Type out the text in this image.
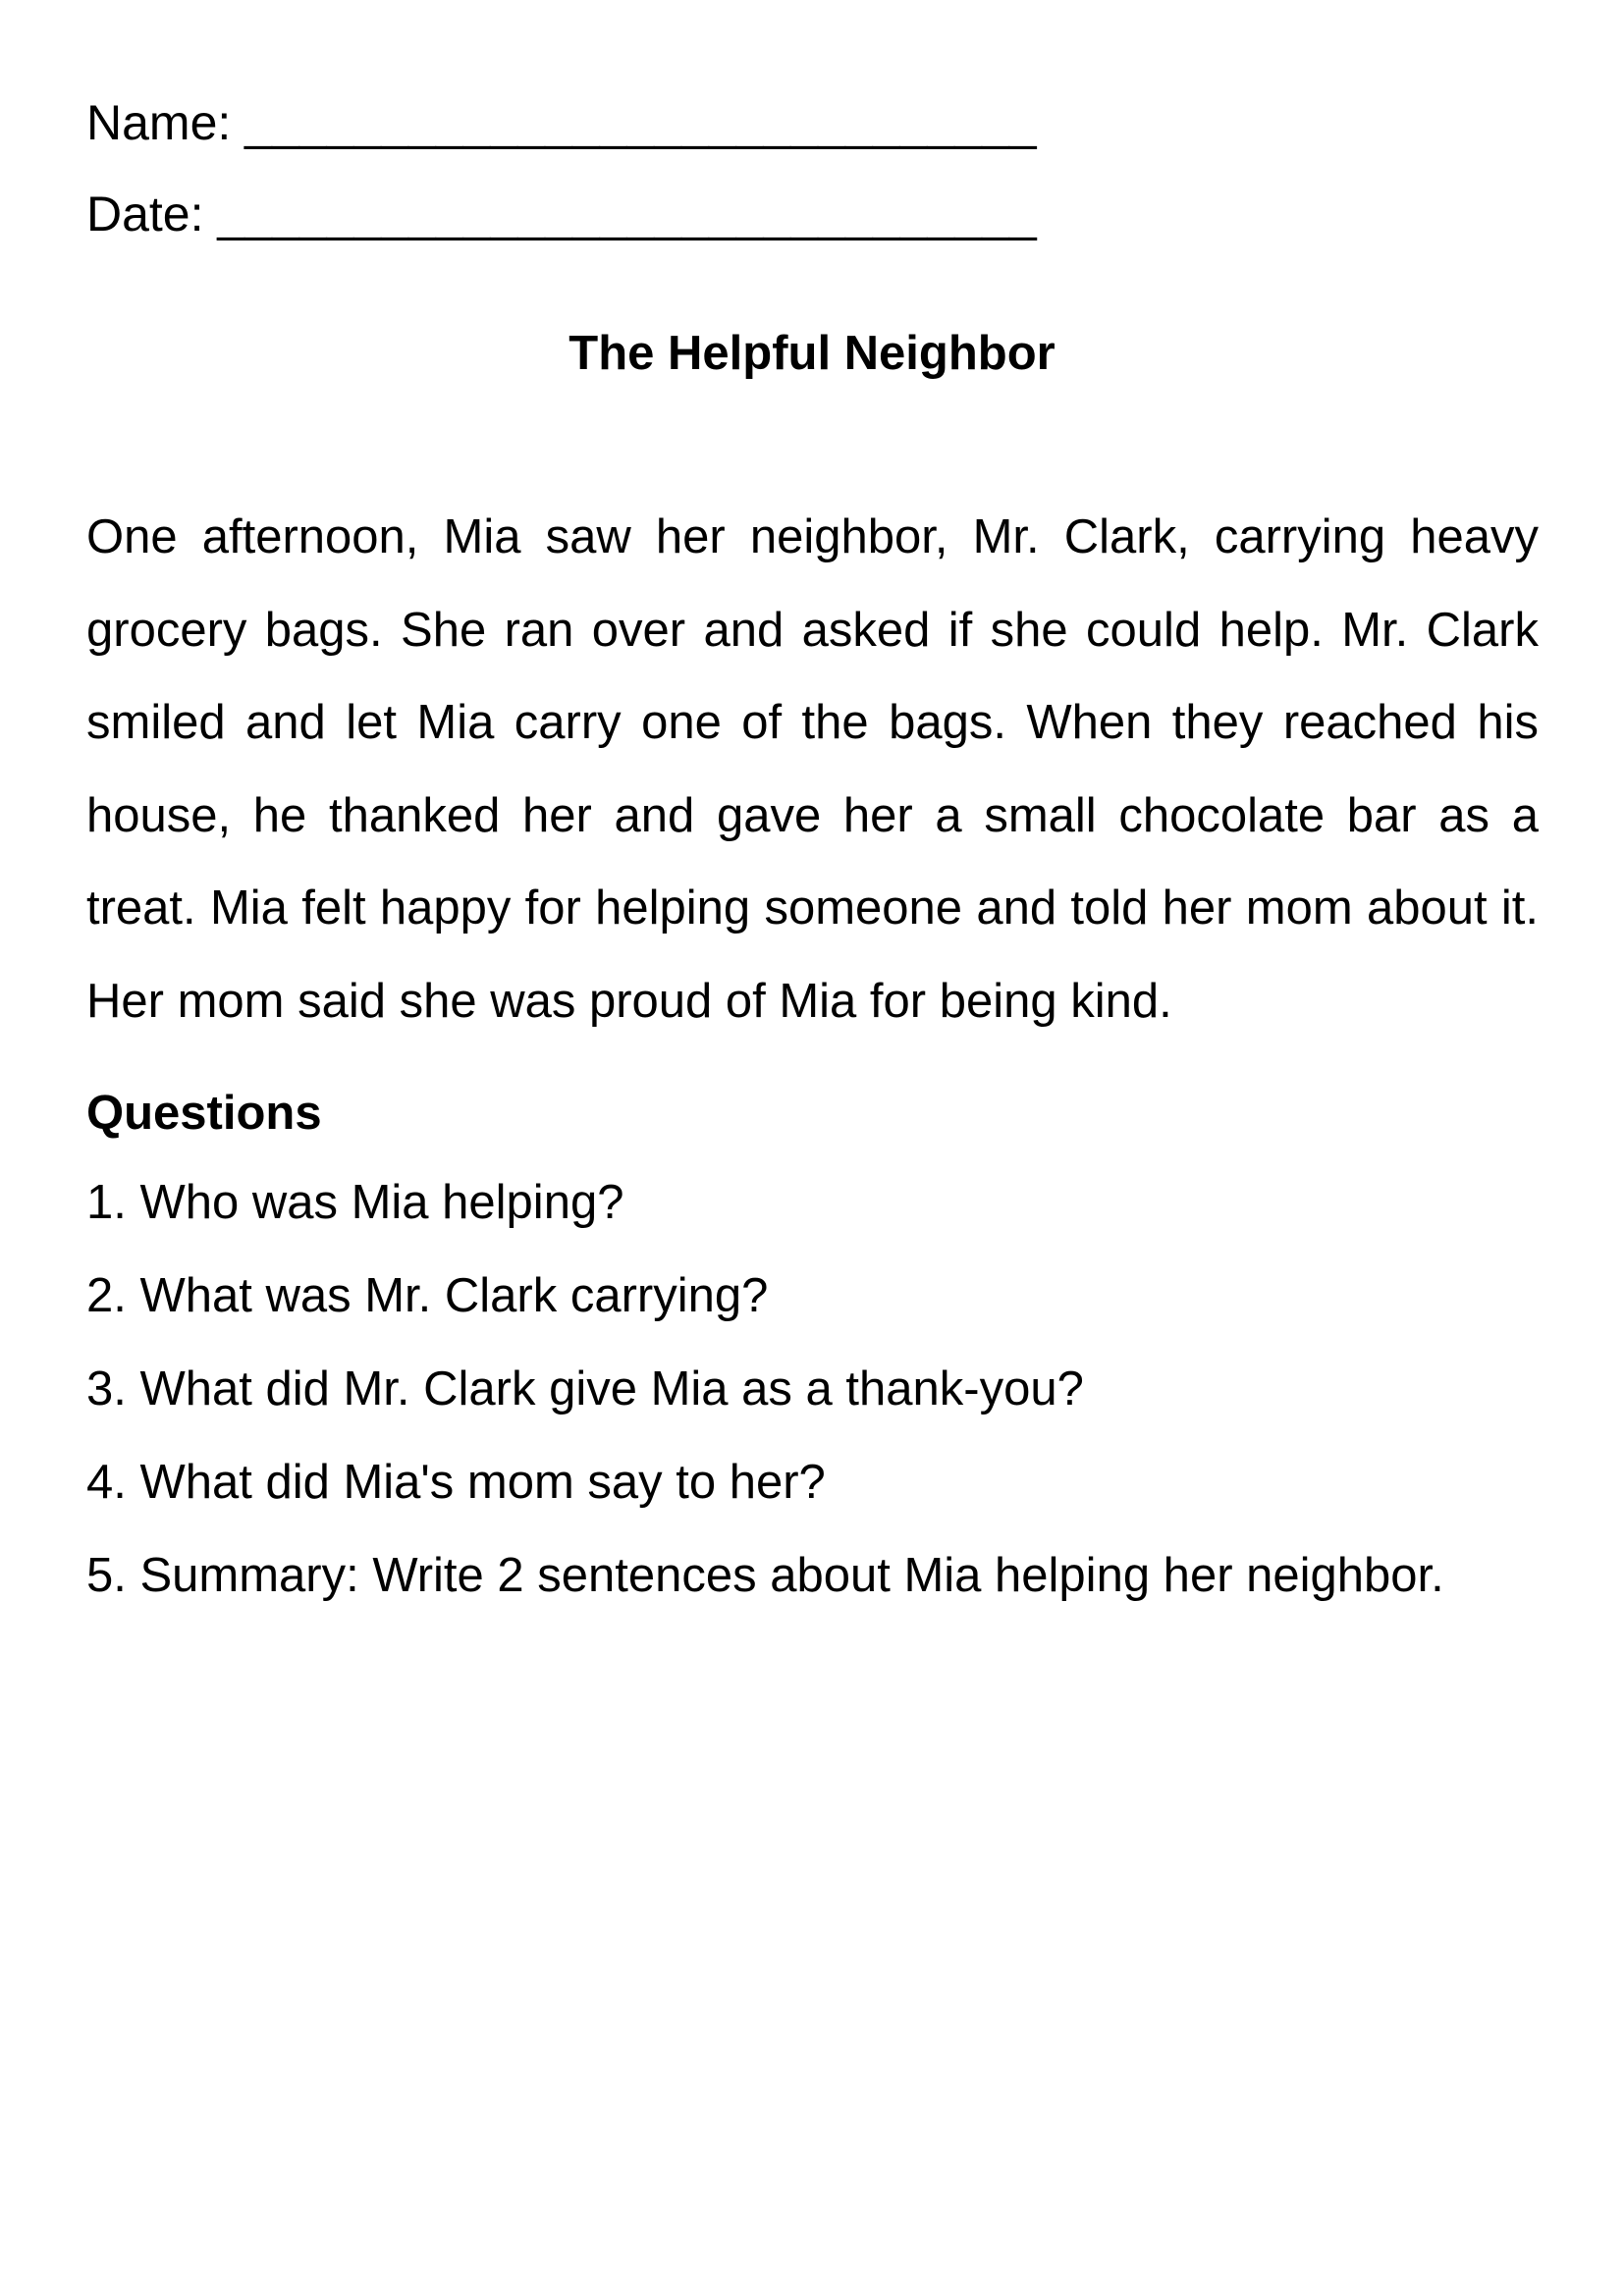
Name: _____________________________
Date: ______________________________
The Helpful Neighbor
One afternoon, Mia saw her neighbor, Mr. Clark, carrying heavy grocery bags. She ran over and asked if she could help. Mr. Clark smiled and let Mia carry one of the bags. When they reached his house, he thanked her and gave her a small chocolate bar as a treat. Mia felt happy for helping someone and told her mom about it. Her mom said she was proud of Mia for being kind.
Questions
1. Who was Mia helping?
2. What was Mr. Clark carrying?
3. What did Mr. Clark give Mia as a thank-you?
4. What did Mia's mom say to her?
5. Summary: Write 2 sentences about Mia helping her neighbor.
